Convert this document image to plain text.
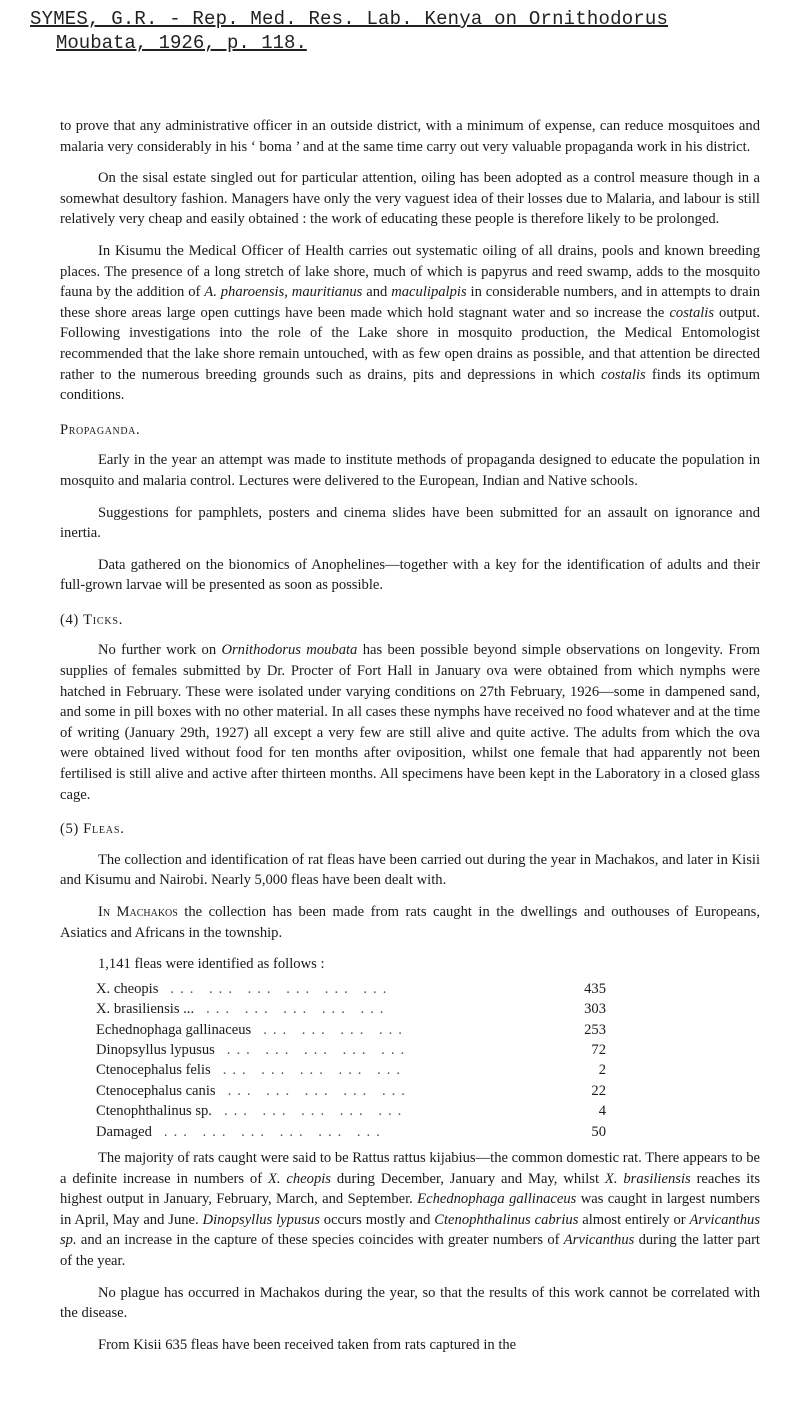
SYMES, G.R. - Rep. Med. Res. Lab. Kenya on Ornithodorus
Moubata, 1926, p. 118.

to prove that any administrative officer in an outside district, with a minimum of expense, can reduce mosquitoes and malaria very considerably in his ‘ boma ’ and at the same time carry out very valuable propaganda work in his district.

On the sisal estate singled out for particular attention, oiling has been adopted as a control measure though in a somewhat desultory fashion. Managers have only the very vaguest idea of their losses due to Malaria, and labour is still relatively very cheap and easily obtained : the work of educating these people is therefore likely to be prolonged.

In Kisumu the Medical Officer of Health carries out systematic oiling of all drains, pools and known breeding places. The presence of a long stretch of lake shore, much of which is papyrus and reed swamp, adds to the mosquito fauna by the addition of A. pharoensis, mauritianus and maculipalpis in considerable numbers, and in attempts to drain these shore areas large open cuttings have been made which hold stagnant water and so increase the costalis output. Following investigations into the role of the Lake shore in mosquito production, the Medical Entomologist recommended that the lake shore remain untouched, with as few open drains as possible, and that attention be directed rather to the numerous breeding grounds such as drains, pits and depressions in which costalis finds its optimum conditions.

Propaganda.

Early in the year an attempt was made to institute methods of propaganda designed to educate the population in mosquito and malaria control. Lectures were delivered to the European, Indian and Native schools.

Suggestions for pamphlets, posters and cinema slides have been submitted for an assault on ignorance and inertia.

Data gathered on the bionomics of Anophelines—together with a key for the identification of adults and their full-grown larvae will be presented as soon as possible.

(4) Ticks.

No further work on Ornithodorus moubata has been possible beyond simple observations on longevity. From supplies of females submitted by Dr. Procter of Fort Hall in January ova were obtained from which nymphs were hatched in February. These were isolated under varying conditions on 27th February, 1926—some in dampened sand, and some in pill boxes with no other material. In all cases these nymphs have received no food whatever and at the time of writing (January 29th, 1927) all except a very few are still alive and quite active. The adults from which the ova were obtained lived without food for ten months after oviposition, whilst one female that had apparently not been fertilised is still alive and active after thirteen months. All specimens have been kept in the Laboratory in a closed glass cage.

(5) Fleas.

The collection and identification of rat fleas have been carried out during the year in Machakos, and later in Kisii and Kisumu and Nairobi. Nearly 5,000 fleas have been dealt with.

In Machakos the collection has been made from rats caught in the dwellings and outhouses of Europeans, Asiatics and Africans in the township.

1,141 fleas were identified as follows :

X. cheopis ... ... ... ... ... ...	435
X. brasiliensis ... ... ... ... ... ...	303
Echednophaga gallinaceus ... ... ... ...	253
Dinopsyllus lypusus ... ... ... ... ...	72
Ctenocephalus felis ... ... ... ... ...	2
Ctenocephalus canis ... ... ... ... ...	22
Ctenophthalinus sp. ... ... ... ... ...	4
Damaged ... ... ... ... ... ...	50

The majority of rats caught were said to be Rattus rattus kijabius—the common domestic rat. There appears to be a definite increase in numbers of X. cheopis during December, January and May, whilst X. brasiliensis reaches its highest output in January, February, March, and September. Echednophaga gallinaceus was caught in largest numbers in April, May and June. Dinopsyllus lypusus occurs mostly and Ctenophthalinus cabrius almost entirely or Arvicanthus sp. and an increase in the capture of these species coincides with greater numbers of Arvicanthus during the latter part of the year.

No plague has occurred in Machakos during the year, so that the results of this work cannot be correlated with the disease.

From Kisii 635 fleas have been received taken from rats captured in the
